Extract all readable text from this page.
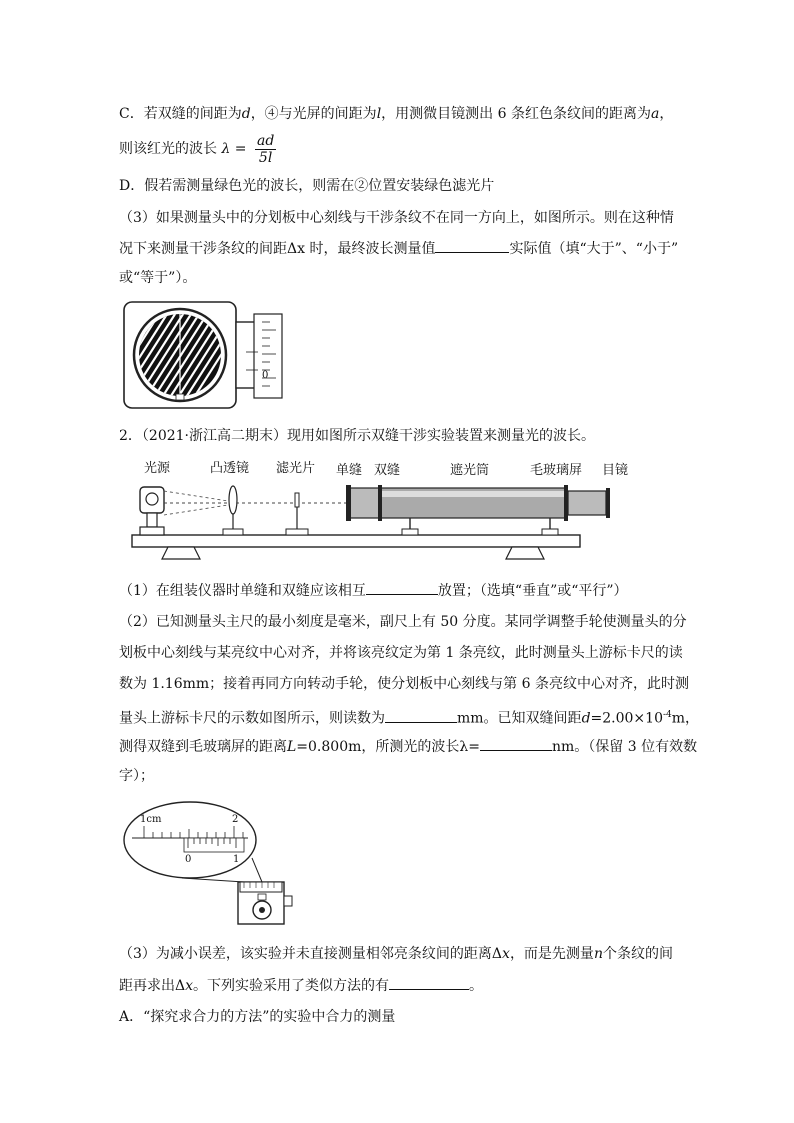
C．若双缝的间距为d，④与光屏的间距为l，用测微目镜测出 6 条红色条纹间的距离为a，
则该红光的波长 $\lambda = \frac{ad}{5l}$
D．假若需测量绿色光的波长，则需在②位置安装绿色滤光片
（3）如果测量头中的分划板中心刻线与干涉条纹不在同一方向上，如图所示。则在这种情
况下来测量干涉条纹的间距Δx 时，最终波长测量值	实际值（填“大于”、“小于”
或“等于”）。
0
2．（2021·浙江高二期末）现用如图所示双缝干涉实验装置来测量光的波长。
光源	凸透镜 滤光片 单缝 双缝	遮光筒	毛玻璃屏 目镜
（1）在组装仪器时单缝和双缝应该相互	放置；（选填“垂直”或“平行”）
（2）已知测量头主尺的最小刻度是毫米，副尺上有 50 分度。某同学调整手轮使测量头的分
划板中心刻线与某亮纹中心对齐，并将该亮纹定为第 1 条亮纹，此时测量头上游标卡尺的读
数为 1.16mm；接着再同方向转动手轮，使分划板中心刻线与第 6 条亮纹中心对齐，此时测
量头上游标卡尺的示数如图所示，则读数为	mm。已知双缝间距$d=2.00\times 10^{-4}m$，
测得双缝到毛玻璃屏的距离L=0.800m，所测光的波长λ=	nm。（保留 3 位有效数
字）；
1cm	2
0	1
（3）为减小误差，该实验并未直接测量相邻亮条纹间的距离Δx，而是先测量n个条纹的间
距再求出Δx。下列实验采用了类似方法的有	。
A．“探究求合力的方法”的实验中合力的测量
